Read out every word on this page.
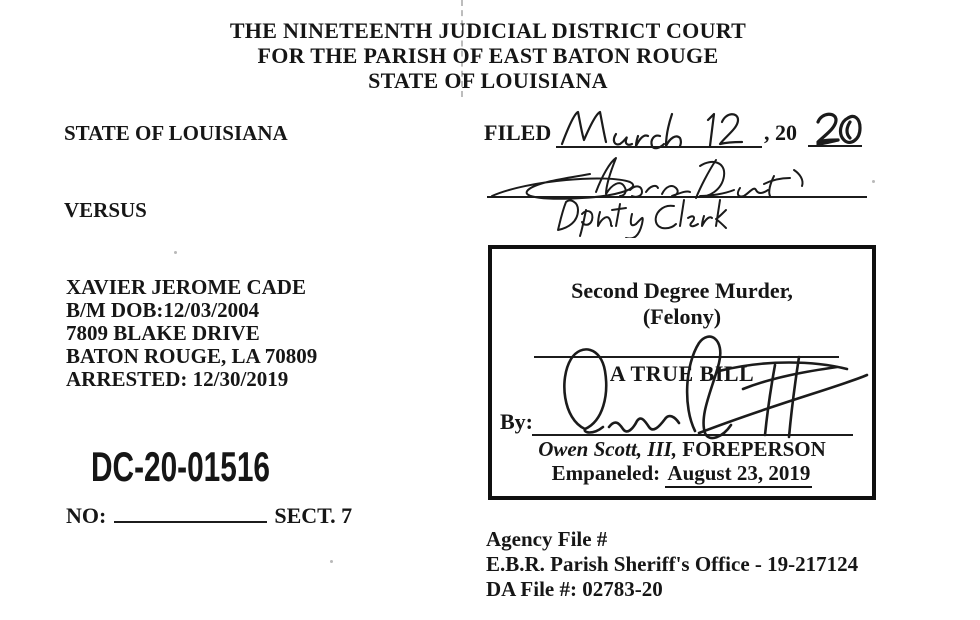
THE NINETEENTH JUDICIAL DISTRICT COURT
FOR THE PARISH OF EAST BATON ROUGE
STATE OF LOUISIANA
STATE OF LOUISIANA
VERSUS
XAVIER JEROME CADE
B/M DOB:12/03/2004
7809 BLAKE DRIVE
BATON ROUGE, LA 70809
ARRESTED: 12/30/2019
DC-20-01516
NO:	SECT. 7
FILED	, 20
Second Degree Murder,
(Felony)
A TRUE BILL
By:
Owen Scott, III, FOREPERSON
Empaneled: August 23, 2019
Agency File #
E.B.R. Parish Sheriff's Office - 19-217124
DA File #: 02783-20
